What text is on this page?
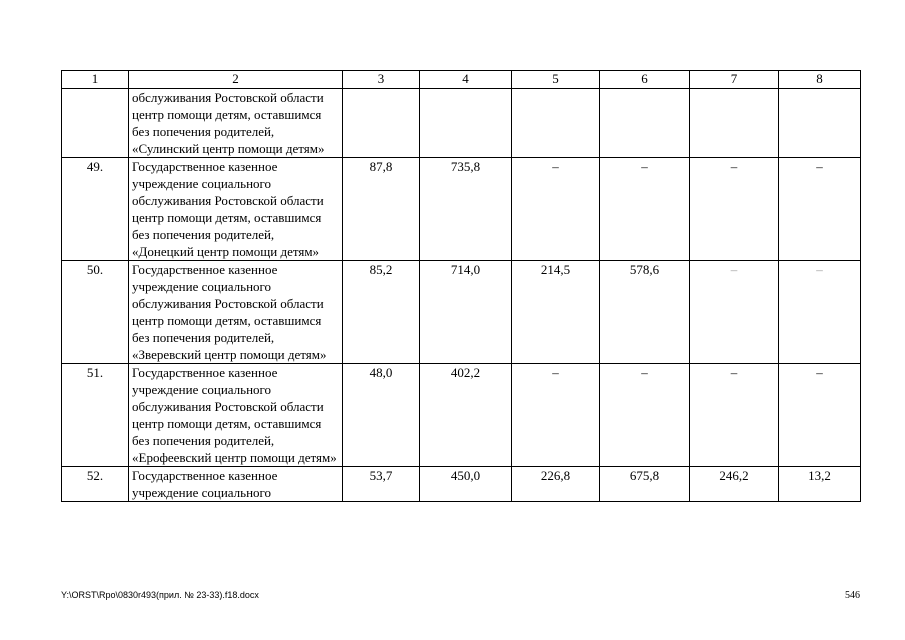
1	2	3	4	5	6	7	8
	обслуживания Ростовской области центр помощи детям, оставшимся без попечения родителей, «Сулинский центр помощи детям»						
49.	Государственное казенное учреждение социального обслуживания Ростовской области центр помощи детям, оставшимся без попечения родителей, «Донецкий центр помощи детям»	87,8	735,8	–	–	–	–
50.	Государственное казенное учреждение социального обслуживания Ростовской области центр помощи детям, оставшимся без попечения родителей, «Зверевский центр помощи детям»	85,2	714,0	214,5	578,6	–	–
51.	Государственное казенное учреждение социального обслуживания Ростовской области центр помощи детям, оставшимся без попечения родителей, «Ерофеевский центр помощи детям»	48,0	402,2	–	–	–	–

52.	Государственное казенное учреждение социального	53,7	450,0	226,8	675,8	246,2	13,2
Y:\ORST\Rpo\0830r493(прил. № 23-33).f18.docx	546
